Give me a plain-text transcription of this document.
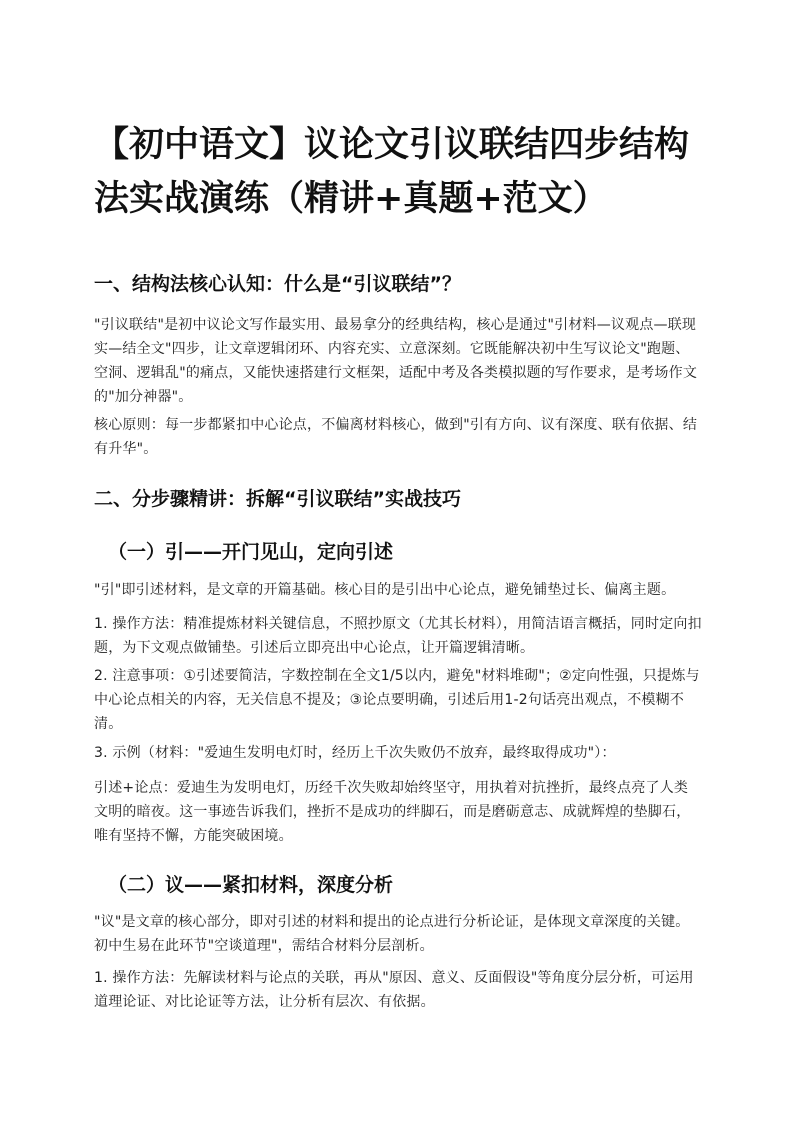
【初中语文】议论文引议联结四步结构法实战演练（精讲+真题+范文）
一、结构法核心认知：什么是“引议联结”？
"引议联结"是初中议论文写作最实用、最易拿分的经典结构，核心是通过"引材料—议观点—联现实—结全文"四步，让文章逻辑闭环、内容充实、立意深刻。它既能解决初中生写议论文"跑题、空洞、逻辑乱"的痛点，又能快速搭建行文框架，适配中考及各类模拟题的写作要求，是考场作文的"加分神器"。
核心原则：每一步都紧扣中心论点，不偏离材料核心，做到"引有方向、议有深度、联有依据、结有升华"。
二、分步骤精讲：拆解“引议联结”实战技巧
（一）引——开门见山，定向引述
"引"即引述材料，是文章的开篇基础。核心目的是引出中心论点，避免铺垫过长、偏离主题。
1. 操作方法：精准提炼材料关键信息，不照抄原文（尤其长材料），用简洁语言概括，同时定向扣题，为下文观点做铺垫。引述后立即亮出中心论点，让开篇逻辑清晰。
2. 注意事项：①引述要简洁，字数控制在全文1/5以内，避免"材料堆砌"；②定向性强，只提炼与中心论点相关的内容，无关信息不提及；③论点要明确，引述后用1-2句话亮出观点，不模糊不清。
3. 示例（材料："爱迪生发明电灯时，经历上千次失败仍不放弃，最终取得成功"）：
引述+论点：爱迪生为发明电灯，历经千次失败却始终坚守，用执着对抗挫折，最终点亮了人类文明的暗夜。这一事迹告诉我们，挫折不是成功的绊脚石，而是磨砺意志、成就辉煌的垫脚石，唯有坚持不懈，方能突破困境。
（二）议——紧扣材料，深度分析
"议"是文章的核心部分，即对引述的材料和提出的论点进行分析论证，是体现文章深度的关键。初中生易在此环节"空谈道理"，需结合材料分层剖析。
1. 操作方法：先解读材料与论点的关联，再从"原因、意义、反面假设"等角度分层分析，可运用道理论证、对比论证等方法，让分析有层次、有依据。
